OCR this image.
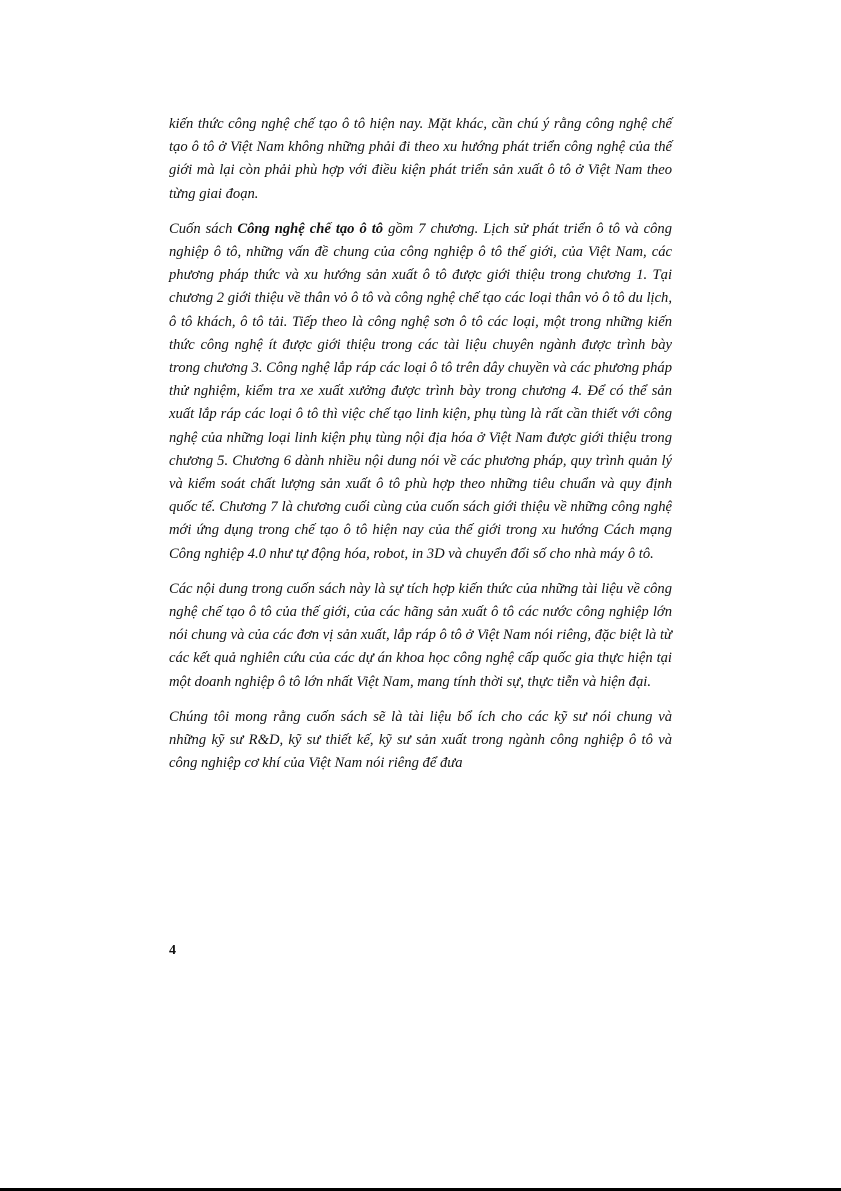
kiến thức công nghệ chế tạo ô tô hiện nay. Mặt khác, cần chú ý rằng công nghệ chế tạo ô tô ở Việt Nam không những phải đi theo xu hướng phát triển công nghệ của thế giới mà lại còn phải phù hợp với điều kiện phát triển sản xuất ô tô ở Việt Nam theo từng giai đoạn.

Cuốn sách Công nghệ chế tạo ô tô gồm 7 chương. Lịch sử phát triển ô tô và công nghiệp ô tô, những vấn đề chung của công nghiệp ô tô thế giới, của Việt Nam, các phương pháp thức và xu hướng sản xuất ô tô được giới thiệu trong chương 1. Tại chương 2 giới thiệu về thân vỏ ô tô và công nghệ chế tạo các loại thân vỏ ô tô du lịch, ô tô khách, ô tô tải. Tiếp theo là công nghệ sơn ô tô các loại, một trong những kiến thức công nghệ ít được giới thiệu trong các tài liệu chuyên ngành được trình bày trong chương 3. Công nghệ lắp ráp các loại ô tô trên dây chuyền và các phương pháp thử nghiệm, kiểm tra xe xuất xưởng được trình bày trong chương 4. Để có thể sản xuất lắp ráp các loại ô tô thì việc chế tạo linh kiện, phụ tùng là rất cần thiết với công nghệ của những loại linh kiện phụ tùng nội địa hóa ở Việt Nam được giới thiệu trong chương 5. Chương 6 dành nhiều nội dung nói về các phương pháp, quy trình quản lý và kiểm soát chất lượng sản xuất ô tô phù hợp theo những tiêu chuẩn và quy định quốc tế. Chương 7 là chương cuối cùng của cuốn sách giới thiệu về những công nghệ mới ứng dụng trong chế tạo ô tô hiện nay của thế giới trong xu hướng Cách mạng Công nghiệp 4.0 như tự động hóa, robot, in 3D và chuyển đổi số cho nhà máy ô tô.

Các nội dung trong cuốn sách này là sự tích hợp kiến thức của những tài liệu về công nghệ chế tạo ô tô của thế giới, của các hãng sản xuất ô tô các nước công nghiệp lớn nói chung và của các đơn vị sản xuất, lắp ráp ô tô ở Việt Nam nói riêng, đặc biệt là từ các kết quả nghiên cứu của các dự án khoa học công nghệ cấp quốc gia thực hiện tại một doanh nghiệp ô tô lớn nhất Việt Nam, mang tính thời sự, thực tiễn và hiện đại.

Chúng tôi mong rằng cuốn sách sẽ là tài liệu bổ ích cho các kỹ sư nói chung và những kỹ sư R&D, kỹ sư thiết kế, kỹ sư sản xuất trong ngành công nghiệp ô tô và công nghiệp cơ khí của Việt Nam nói riêng để đưa

4
